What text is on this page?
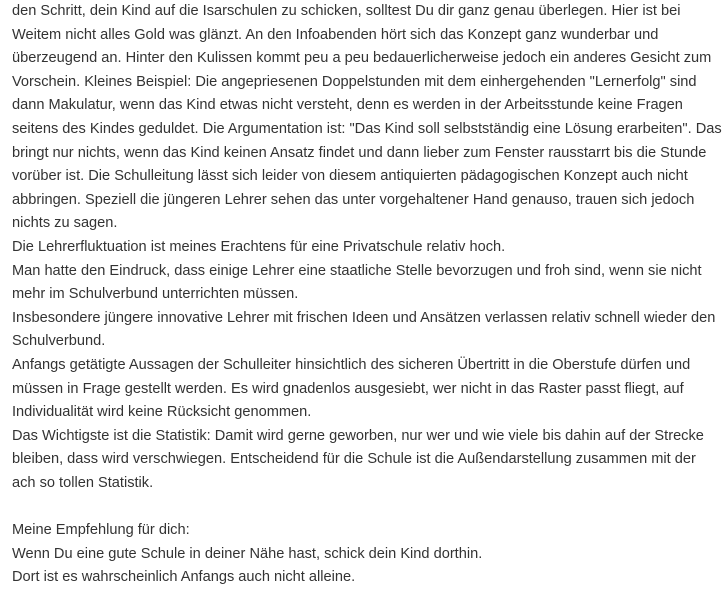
den Schritt, dein Kind auf die Isarschulen zu schicken, solltest Du dir ganz genau überlegen. Hier ist bei
Weitem nicht alles Gold was glänzt. An den Infoabenden hört sich das Konzept ganz wunderbar und
überzeugend an. Hinter den Kulissen kommt peu a peu bedauerlicherweise jedoch ein anderes Gesicht zum
Vorschein. Kleines Beispiel: Die angepriesenen Doppelstunden mit dem einhergehenden "Lernerfolg" sind
dann Makulatur, wenn das Kind etwas nicht versteht, denn es werden in der Arbeitsstunde keine Fragen
seitens des Kindes geduldet. Die Argumentation ist: "Das Kind soll selbstständig eine Lösung erarbeiten". Das
bringt nur nichts, wenn das Kind keinen Ansatz findet und dann lieber zum Fenster rausstarrt bis die Stunde
vorüber ist. Die Schulleitung lässt sich leider von diesem antiquierten pädagogischen Konzept auch nicht
abbringen. Speziell die jüngeren Lehrer sehen das unter vorgehaltener Hand genauso, trauen sich jedoch
nichts zu sagen.
Die Lehrerfluktuation ist meines Erachtens für eine Privatschule relativ hoch.
Man hatte den Eindruck, dass einige Lehrer eine staatliche Stelle bevorzugen und froh sind, wenn sie nicht
mehr im Schulverbund unterrichten müssen.
Insbesondere jüngere innovative Lehrer mit frischen Ideen und Ansätzen verlassen relativ schnell wieder den
Schulverbund.
Anfangs getätigte Aussagen der Schulleiter hinsichtlich des sicheren Übertritt in die Oberstufe dürfen und
müssen in Frage gestellt werden. Es wird gnadenlos ausgesiebt, wer nicht in das Raster passt fliegt, auf
Individualität wird keine Rücksicht genommen.
Das Wichtigste ist die Statistik: Damit wird gerne geworben, nur wer und wie viele bis dahin auf der Strecke
bleiben, dass wird verschwiegen. Entscheidend für die Schule ist die Außendarstellung zusammen mit der
ach so tollen Statistik.
Meine Empfehlung für dich:
Wenn Du eine gute Schule in deiner Nähe hast, schick dein Kind dorthin.
Dort ist es wahrscheinlich Anfangs auch nicht alleine.
